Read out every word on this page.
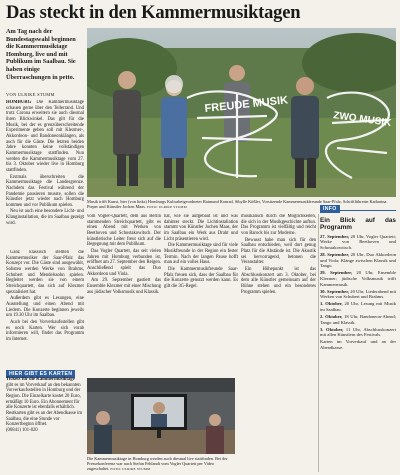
Das steckt in den Kammermusiktagen
Am Tag nach der Bundestagswahl beginnen die Kammermusiktage Homburg, live und mit Publikum im Saalbau. Sie haben einige Überraschungen in petto.
VON ULRIKE STUMM	FREUDE MUSIK
ZWO MUSIK
Musik trifft Kunst, hier (von links) Homburgs Kulturbeigeordneter Raimund Konrad, Sibylle Kößler, Vorsitzende Kammermusikfreunde Saar-Pfalz, Schriftführerin Katharina Pieper und Künstler Jochen Maas. FOTO: ULRIKE STUMM

HOMBURG Die Kammermusiktage schauen gerne über den Tellerrand. Und trotz Corona erweitern sie auch diesmal ihren Blickwinkel. Das gilt für die Musik, bei der es grenzüberschreitende Experimente geben soll mit Klezmer-, Akkordeon- und Bandoneonklängen, als auch für die Gäste. Die letzten beiden Jahre konnten keine vollständigen Kammermusiktage stattfinden. Nun werden die Kammermusiktage vom 27. bis 3. Oktober wieder live in Homburg stattfinden.

Erstmals überschreiten die Kammermusiktage die Landesgrenze. Nachdem das Festival während der Pandemie pausieren musste, sollen die Künstler jetzt wieder nach Homburg kommen und vor Publikum spielen.

Neu ist auch eine besondere Licht- und Klanginstallation, die im Saalbau gezeigt wird.

Ganz klassisch stellten die Kammermusiker der Saar-Pfalz das Konzept vor. Die Gäste sind ausgewählt, Solisten werden Werke von Brahms, Schubert und Mendelssohn spielen. Begleitet werden sie von einem Streichquartett, das sich auf Klezmer spezialisiert hat.

Außerdem gibt es Lesungen, eine Ausstellung und einen Abend mit Liedern. Die Konzerte beginnen jeweils um 19.30 Uhr im Saalbau.

Auch bei den Vorverkaufsstellen gibt es noch Karten. Wer sich vorab informieren will, findet das Programm im Internet.

vom Vogler-Quartett, dem aus Berlin stammenden Streichquartett, gibt es einen Abend mit Werken von Beethoven und Schostakowitsch. Der künstlerische Leiter freut sich auf die Begegnung mit dem Publikum.

Das Vogler Quartett, das seit vielen Jahren mit Homburg verbunden ist, eröffnet am 27. September den Reigen. Anschließend spielt das Duo Akkordeon und Viola.

Am 29. September gastiert das Ensemble Klezmer mit einer Mischung aus jüdischer Volksmusik und Klassik.

hat, wie sie aufgebaut ist und was dahinter steckt. Die Lichtinstallation stammt von Künstler Jochen Maas, der im Saalbau ein Werk aus Draht und Licht präsentieren wird.

Die Kammermusiktage sind für viele Musikfreunde in der Region ein fester Termin. Nach der langen Pause hofft man auf ein volles Haus.

Die Kammermusikfreunde Saar-Pfalz freuen sich, dass der Saalbau für die Konzerte genutzt werden kann. Es gilt die 3G-Regel.

musikalisch durch die Möglichkeiten, die sich in der Musikgeschichte auftun. Das Programm ist vielfältig und reicht von Barock bis zur Moderne.

Bewusst habe man sich für den Saalbau entschieden, weil dort genug Platz für die Abstände ist. Die Akustik sei hervorragend, betonen die Veranstalter.

Ein Höhepunkt ist das Abschlusskonzert am 3. Oktober, bei dem alle Künstler gemeinsam auf der Bühne stehen und ein besonderes Programm spielen.

HIER GIBT ES KARTEN
Tickets für die Kammermusiktage
gibt es im Vorverkauf an den bekannten Vorverkaufsstellen in Homburg und der Region. Die Einzelkarte kostet 20 Euro, ermäßigt 10 Euro. Ein Abonnement für alle Konzerte ist ebenfalls erhältlich. Restkarten gibt es an der Abendkasse im Saalbau, die eine Stunde vor Konzertbeginn öffnet.
(06841) 101-820
Die Kammermusiktage in Homburg werden auch diesmal live stattfinden. Bei der Pressekonferenz war auch Stefan Fehlandt vom Vogler Quartett per Video zugeschaltet. FOTO: ULRIKE STUMM
INFO
Ein Blick auf das Programm

27. September, 20 Uhr, Vogler Quartett; Werke von Beethoven und Schostakowitsch.

28. September, 20 Uhr, Duo Akkordeon und Viola; Klänge zwischen Klassik und Tango.

29. September, 20 Uhr, Ensemble Klezmer; jüdische Volksmusik trifft Kammermusik.

30. September, 20 Uhr, Liederabend mit Werken von Schubert und Brahms.

1. Oktober, 20 Uhr, Lesung mit Musik im Saalbau.

2. Oktober, 18 Uhr, Bandoneon-Abend; Tango und Klassik.

3. Oktober, 11 Uhr, Abschlusskonzert mit allen Künstlern des Festivals.

Karten im Vorverkauf und an der Abendkasse.
